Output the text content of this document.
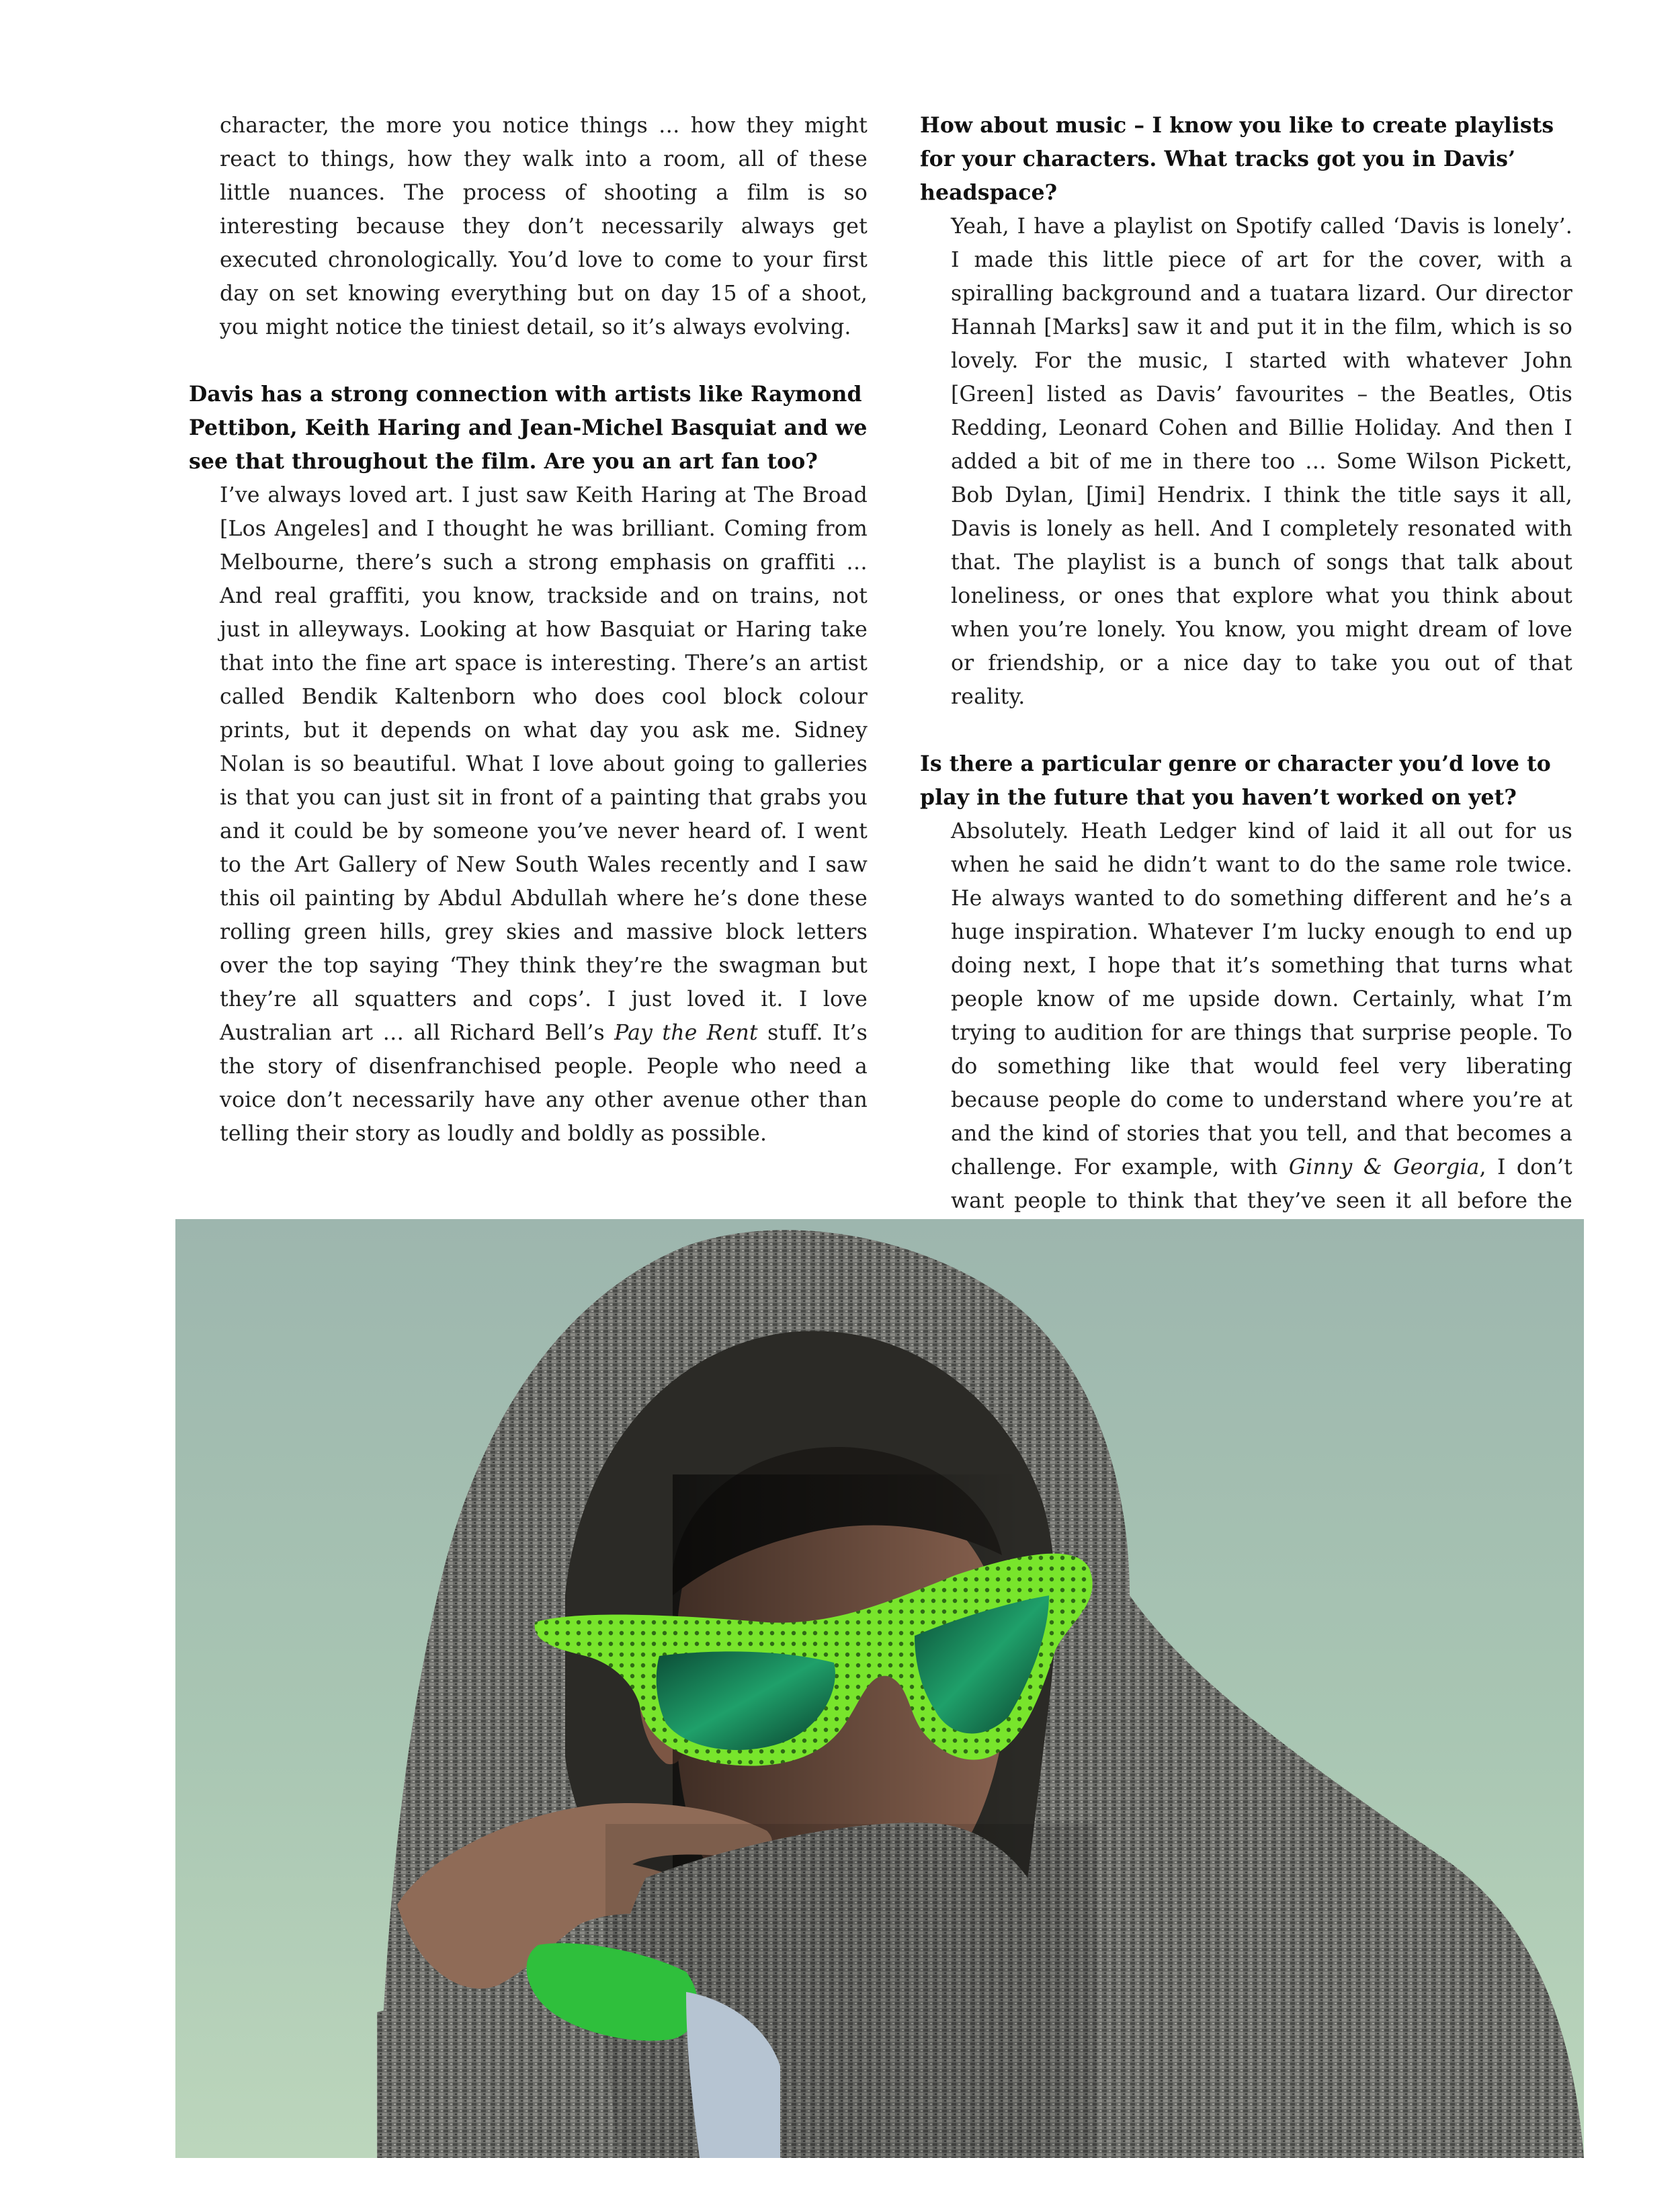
character, the more you notice things … how they might react to things, how they walk into a room, all of these little nuances. The process of shooting a film is so interesting because they don’t necessarily always get executed chronologically. You’d love to come to your first day on set knowing everything but on day 15 of a shoot, you might notice the tiniest detail, so it’s always evolving.

Davis has a strong connection with artists like Raymond Pettibon, Keith Haring and Jean-Michel Basquiat and we see that throughout the film. Are you an art fan too?

I’ve always loved art. I just saw Keith Haring at The Broad [Los Angeles] and I thought he was brilliant. Coming from Melbourne, there’s such a strong emphasis on graffiti … And real graffiti, you know, trackside and on trains, not just in alleyways. Looking at how Basquiat or Haring take that into the fine art space is interesting. There’s an artist called Bendik Kaltenborn who does cool block colour prints, but it depends on what day you ask me. Sidney Nolan is so beautiful. What I love about going to galleries is that you can just sit in front of a painting that grabs you and it could be by someone you’ve never heard of. I went to the Art Gallery of New South Wales recently and I saw this oil painting by Abdul Abdullah where he’s done these rolling green hills, grey skies and massive block letters over the top saying ‘They think they’re the swagman but they’re all squatters and cops’. I just loved it. I love Australian art … all Richard Bell’s Pay the Rent stuff. It’s the story of disenfranchised people. People who need a voice don’t necessarily have any other avenue other than telling their story as loudly and boldly as possible.

How about music – I know you like to create playlists for your characters. What tracks got you in Davis’ headspace?

Yeah, I have a playlist on Spotify called ‘Davis is lonely’. I made this little piece of art for the cover, with a spiralling background and a tuatara lizard. Our director Hannah [Marks] saw it and put it in the film, which is so lovely. For the music, I started with whatever John [Green] listed as Davis’ favourites – the Beatles, Otis Redding, Leonard Cohen and Billie Holiday. And then I added a bit of me in there too … Some Wilson Pickett, Bob Dylan, [Jimi] Hendrix. I think the title says it all, Davis is lonely as hell. And I completely resonated with that. The playlist is a bunch of songs that talk about loneliness, or ones that explore what you think about when you’re lonely. You know, you might dream of love or friendship, or a nice day to take you out of that reality.

Is there a particular genre or character you’d love to play in the future that you haven’t worked on yet?

Absolutely. Heath Ledger kind of laid it all out for us when he said he didn’t want to do the same role twice. He always wanted to do something different and he’s a huge inspiration. Whatever I’m lucky enough to end up doing next, I hope that it’s something that turns what people know of me upside down. Certainly, what I’m trying to audition for are things that surprise people. To do something like that would feel very liberating because people do come to understand where you’re at and the kind of stories that you tell, and that becomes a challenge. For example, with Ginny & Georgia, I don’t want people to think that they’ve seen it all before the
